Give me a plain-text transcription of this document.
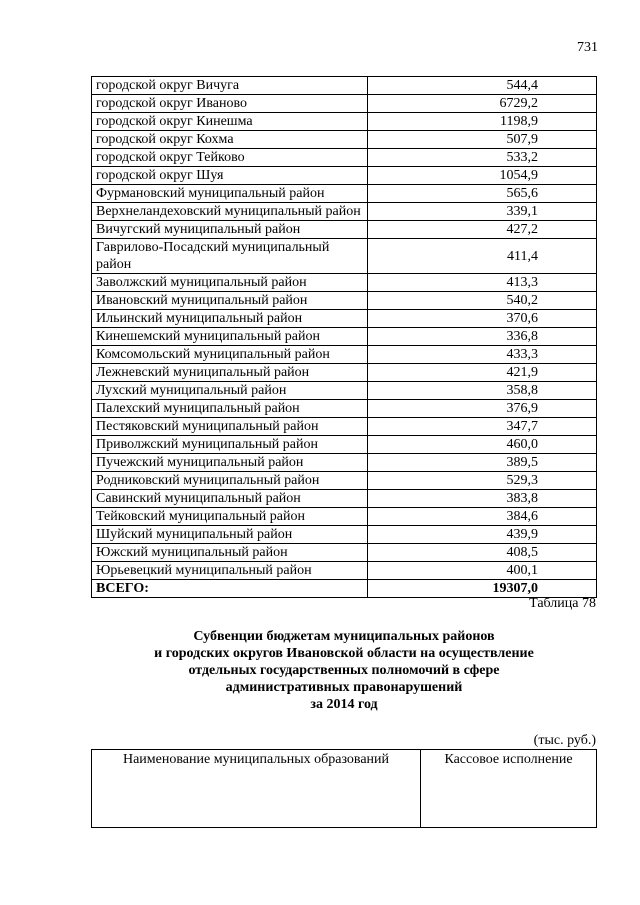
731
городской округ Вичуга	544,4
городской округ Иваново	6729,2
городской округ Кинешма	1198,9
городской округ Кохма	507,9
городской округ Тейково	533,2
городской округ Шуя	1054,9
Фурмановский муниципальный район	565,6
Верхнеландеховский муниципальный район	339,1
Вичугский муниципальный район	427,2
Гаврилово-Посадский муниципальный район	411,4
Заволжский муниципальный район	413,3
Ивановский муниципальный район	540,2
Ильинский муниципальный район	370,6
Кинешемский муниципальный район	336,8
Комсомольский муниципальный район	433,3
Лежневский муниципальный район	421,9
Лухский муниципальный район	358,8
Палехский муниципальный район	376,9
Пестяковский муниципальный район	347,7
Приволжский муниципальный район	460,0
Пучежский муниципальный район	389,5
Родниковский муниципальный район	529,3
Савинский муниципальный район	383,8
Тейковский муниципальный район	384,6
Шуйский муниципальный район	439,9
Южский муниципальный район	408,5
Юрьевецкий муниципальный район	400,1
ВСЕГО:	19307,0
Таблица 78
Субвенции бюджетам муниципальных районов
и городских округов Ивановской области на осуществление
отдельных государственных полномочий в сфере
административных правонарушений
за 2014 год
(тыс. руб.)
Наименование муниципальных образований	Кассовое исполнение
